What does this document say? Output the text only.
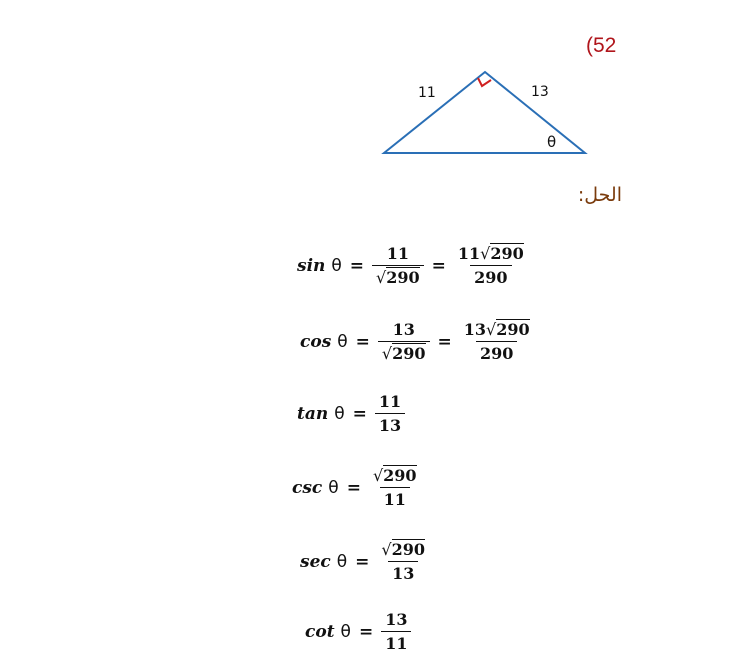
(52
11	13
θ
الحل:
$\sin \theta = \frac{11}{√290} = \frac{11√290}{290}$
$\cos \theta = \frac{13}{√290} = \frac{13√290}{290}$
$\tan \theta = \frac{11}{13}$
$\csc \theta = \frac{√290}{11}$
$\sec \theta = \frac{√290}{13}$
$\cot \theta = \frac{13}{11}$
